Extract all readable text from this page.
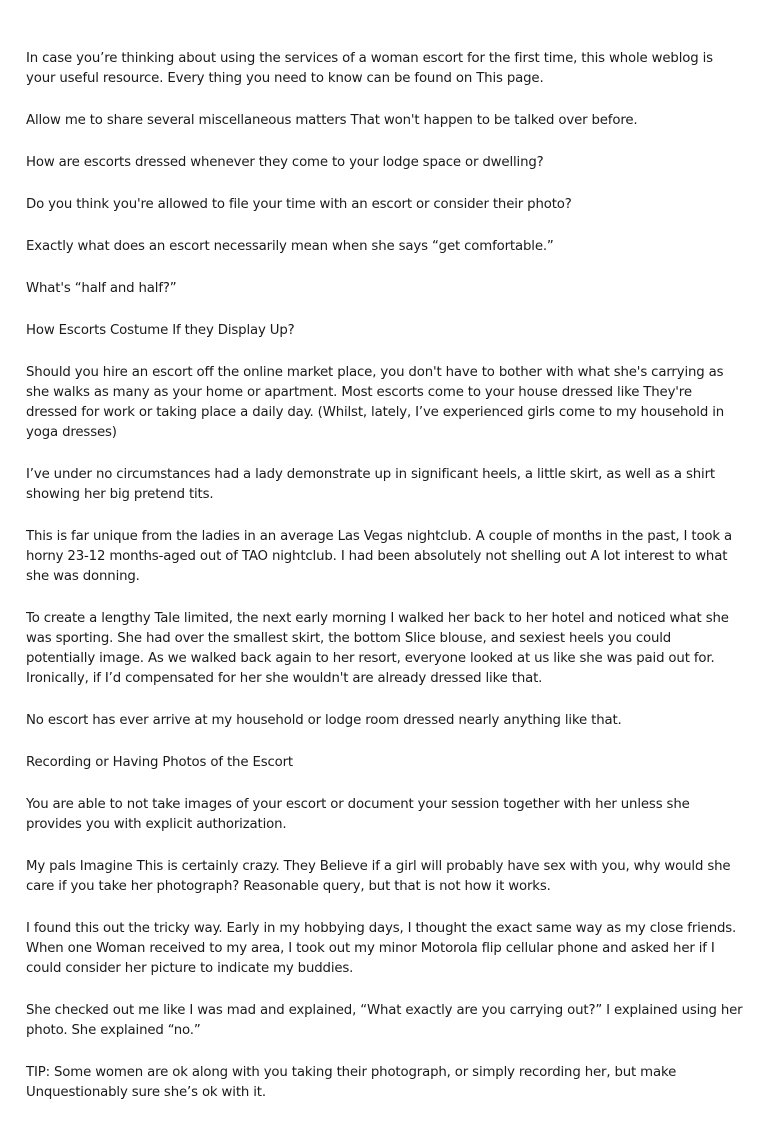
In case you’re thinking about using the services of a woman escort for the first time, this whole weblog is your useful resource. Every thing you need to know can be found on This page.

Allow me to share several miscellaneous matters That won't happen to be talked over before.

How are escorts dressed whenever they come to your lodge space or dwelling?

Do you think you're allowed to file your time with an escort or consider their photo?

Exactly what does an escort necessarily mean when she says “get comfortable.”

What's “half and half?”

How Escorts Costume If they Display Up?

Should you hire an escort off the online market place, you don't have to bother with what she's carrying as she walks as many as your home or apartment. Most escorts come to your house dressed like They're dressed for work or taking place a daily day. (Whilst, lately, I’ve experienced girls come to my household in yoga dresses)

I’ve under no circumstances had a lady demonstrate up in significant heels, a little skirt, as well as a shirt showing her big pretend tits.

This is far unique from the ladies in an average Las Vegas nightclub. A couple of months in the past, I took a horny 23-12 months-aged out of TAO nightclub. I had been absolutely not shelling out A lot interest to what she was donning.

To create a lengthy Tale limited, the next early morning I walked her back to her hotel and noticed what she was sporting. She had over the smallest skirt, the bottom Slice blouse, and sexiest heels you could potentially image. As we walked back again to her resort, everyone looked at us like she was paid out for. Ironically, if I’d compensated for her she wouldn't are already dressed like that.

No escort has ever arrive at my household or lodge room dressed nearly anything like that.

Recording or Having Photos of the Escort

You are able to not take images of your escort or document your session together with her unless she provides you with explicit authorization.

My pals Imagine This is certainly crazy. They Believe if a girl will probably have sex with you, why would she care if you take her photograph? Reasonable query, but that is not how it works.

I found this out the tricky way. Early in my hobbying days, I thought the exact same way as my close friends. When one Woman received to my area, I took out my minor Motorola flip cellular phone and asked her if I could consider her picture to indicate my buddies.

She checked out me like I was mad and explained, “What exactly are you carrying out?” I explained using her photo. She explained “no.”

TIP: Some women are ok along with you taking their photograph, or simply recording her, but make Unquestionably sure she’s ok with it.
